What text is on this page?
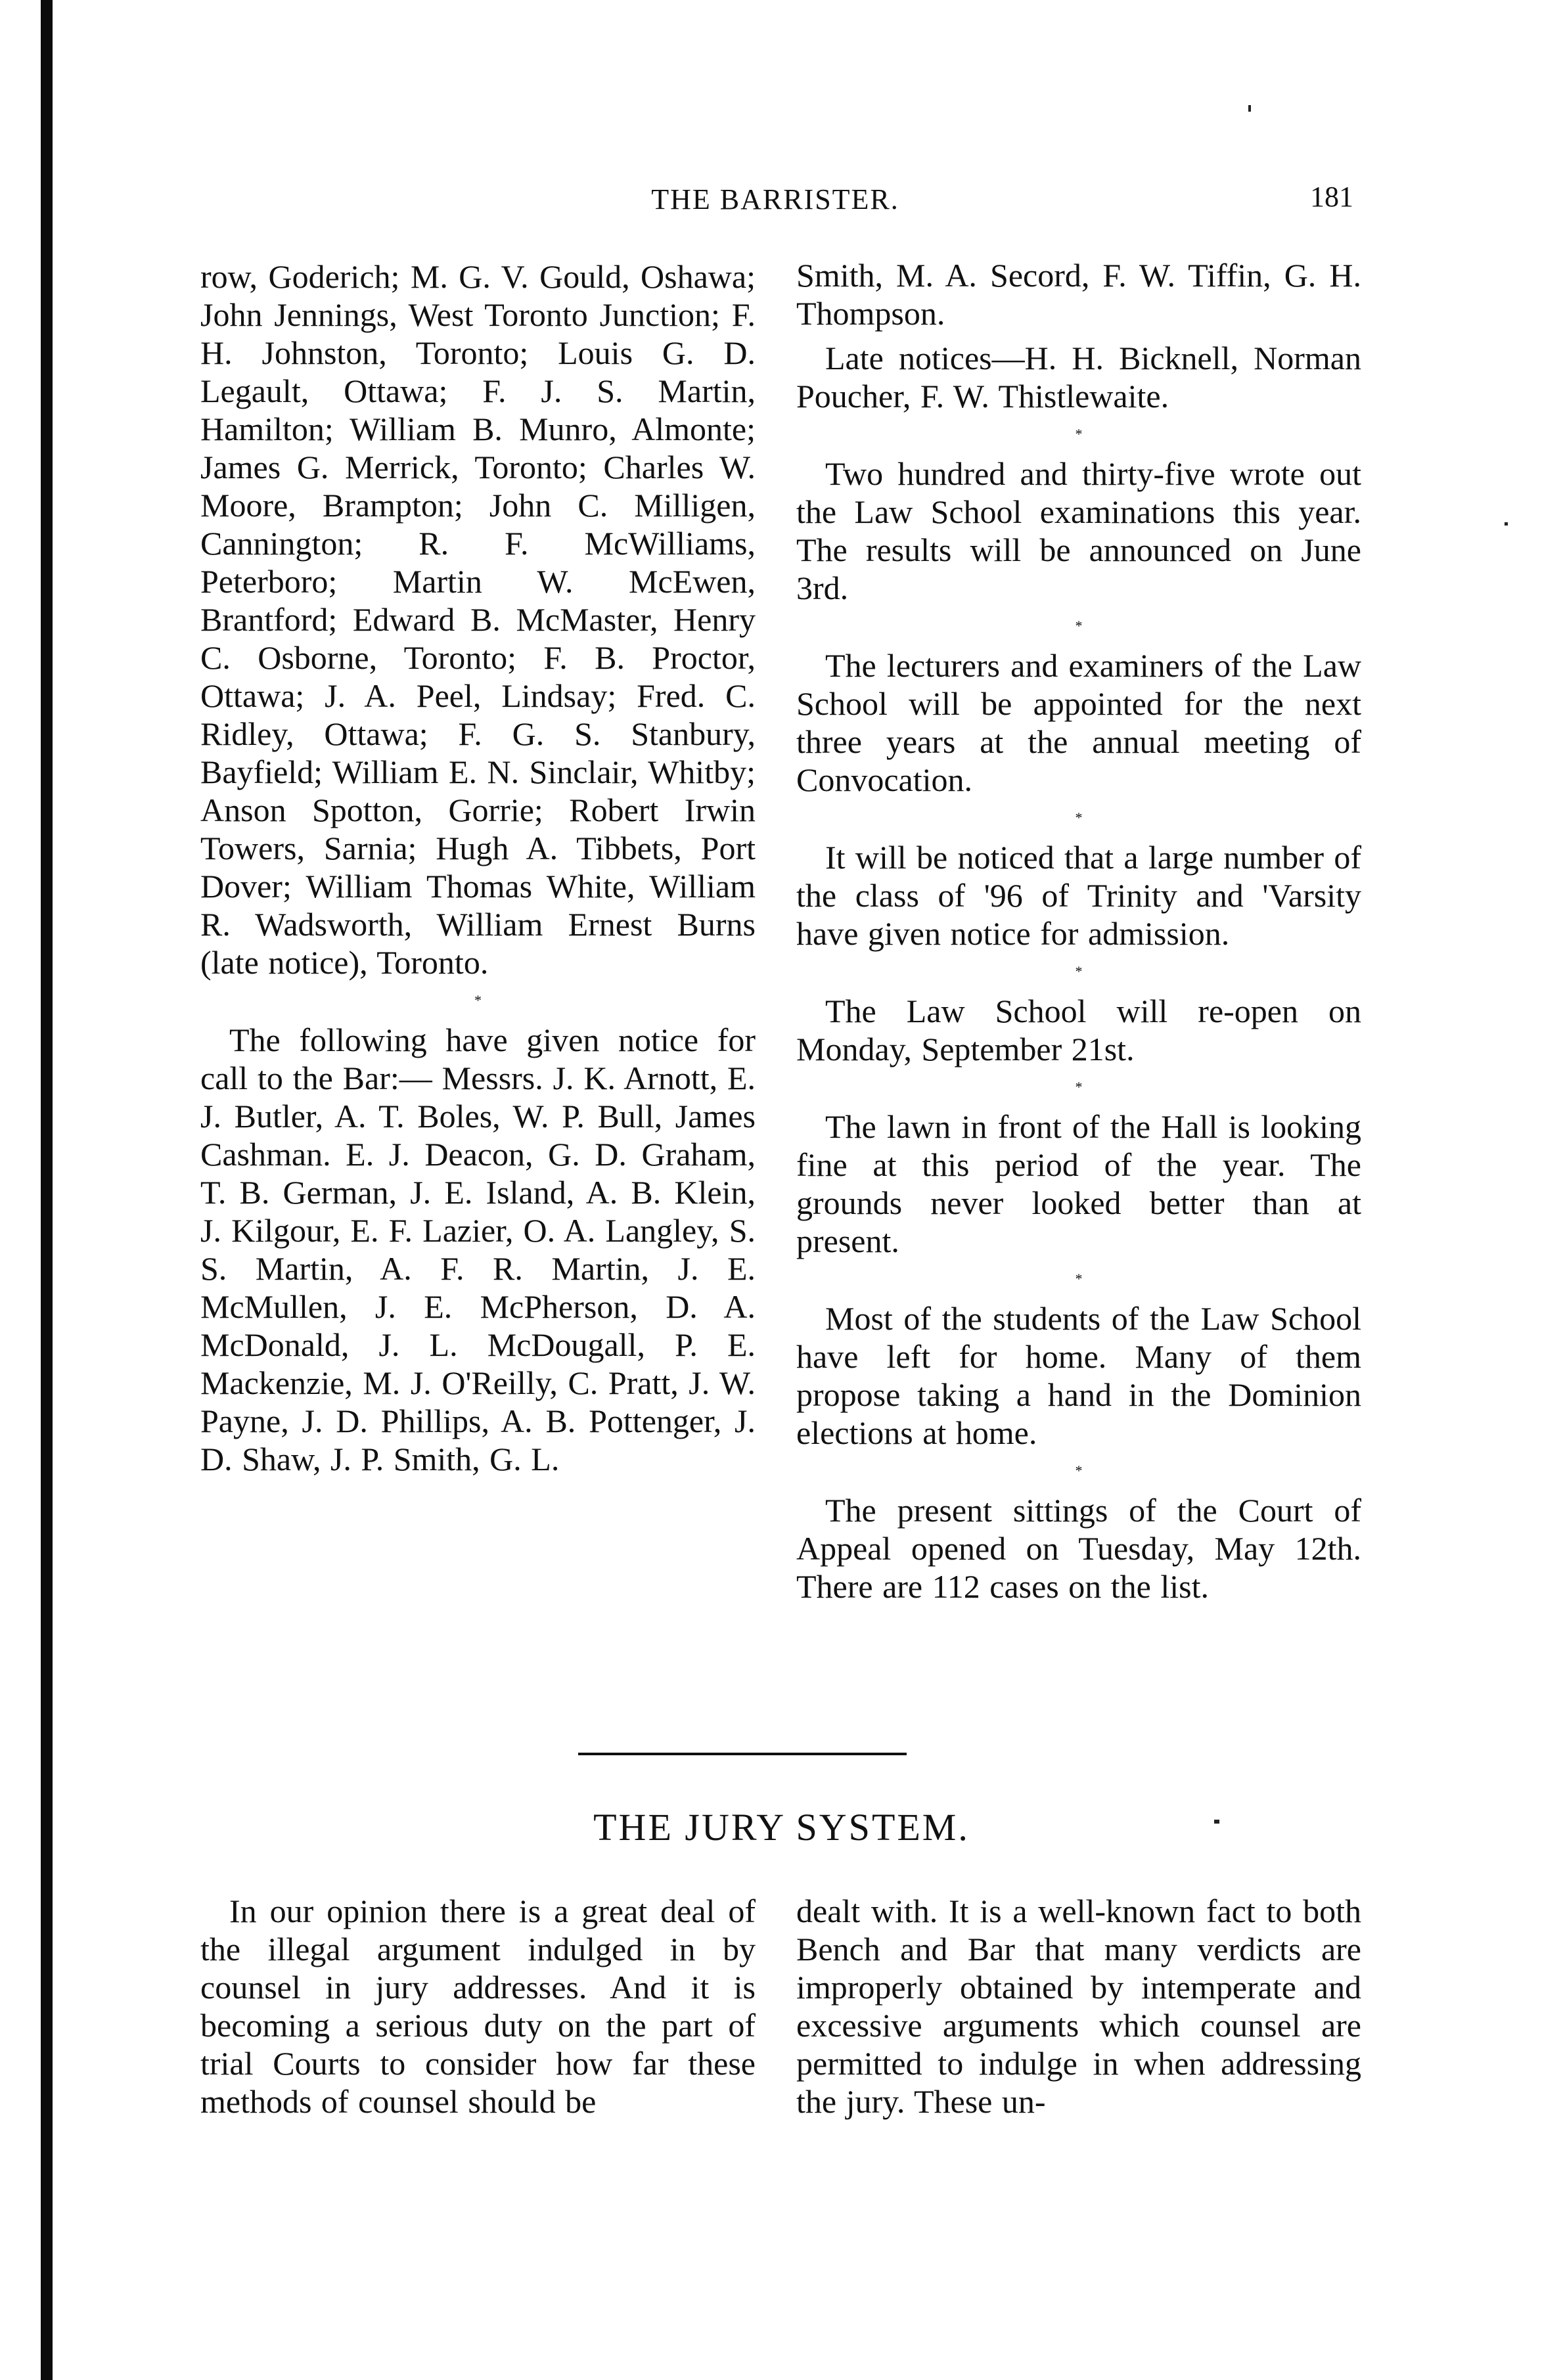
THE BARRISTER.	181

row, Goderich; M. G. V. Gould, Oshawa; John Jennings, West Toronto Junction; F. H. Johnston, Toronto; Louis G. D. Legault, Ottawa; F. J. S. Martin, Hamilton; William B. Munro, Almonte; James G. Merrick, Toronto; Charles W. Moore, Brampton; John C. Milligen, Cannington; R. F. McWilliams, Peterboro; Martin W. McEwen, Brantford; Edward B. McMaster, Henry C. Osborne, Toronto; F. B. Proctor, Ottawa; J. A. Peel, Lindsay; Fred. C. Ridley, Ottawa; F. G. S. Stanbury, Bayfield; William E. N. Sinclair, Whitby; Anson Spotton, Gorrie; Robert Irwin Towers, Sarnia; Hugh A. Tibbets, Port Dover; William Thomas White, William R. Wadsworth, William Ernest Burns (late notice), Toronto.

*

The following have given notice for call to the Bar:— Messrs. J. K. Arnott, E. J. Butler, A. T. Boles, W. P. Bull, James Cashman. E. J. Deacon, G. D. Graham, T. B. German, J. E. Island, A. B. Klein, J. Kilgour, E. F. Lazier, O. A. Langley, S. S. Martin, A. F. R. Martin, J. E. McMullen, J. E. McPherson, D. A. McDonald, J. L. McDougall, P. E. Mackenzie, M. J. O'Reilly, C. Pratt, J. W. Payne, J. D. Phillips, A. B. Pottenger, J. D. Shaw, J. P. Smith, G. L.

Smith, M. A. Secord, F. W. Tiffin, G. H. Thompson.

Late notices—H. H. Bicknell, Norman Poucher, F. W. Thistlewaite.

*

Two hundred and thirty-five wrote out the Law School examinations this year. The results will be announced on June 3rd.

*

The lecturers and examiners of the Law School will be appointed for the next three years at the annual meeting of Convocation.

*

It will be noticed that a large number of the class of '96 of Trinity and 'Varsity have given notice for admission.

*

The Law School will re-open on Monday, September 21st.

*

The lawn in front of the Hall is looking fine at this period of the year. The grounds never looked better than at present.

*

Most of the students of the Law School have left for home. Many of them propose taking a hand in the Dominion elections at home.

*

The present sittings of the Court of Appeal opened on Tuesday, May 12th. There are 112 cases on the list.

THE JURY SYSTEM.

In our opinion there is a great deal of the illegal argument indulged in by counsel in jury addresses. And it is becoming a serious duty on the part of trial Courts to consider how far these methods of counsel should be

dealt with. It is a well-known fact to both Bench and Bar that many verdicts are improperly obtained by intemperate and excessive arguments which counsel are permitted to indulge in when addressing the jury. These un-
